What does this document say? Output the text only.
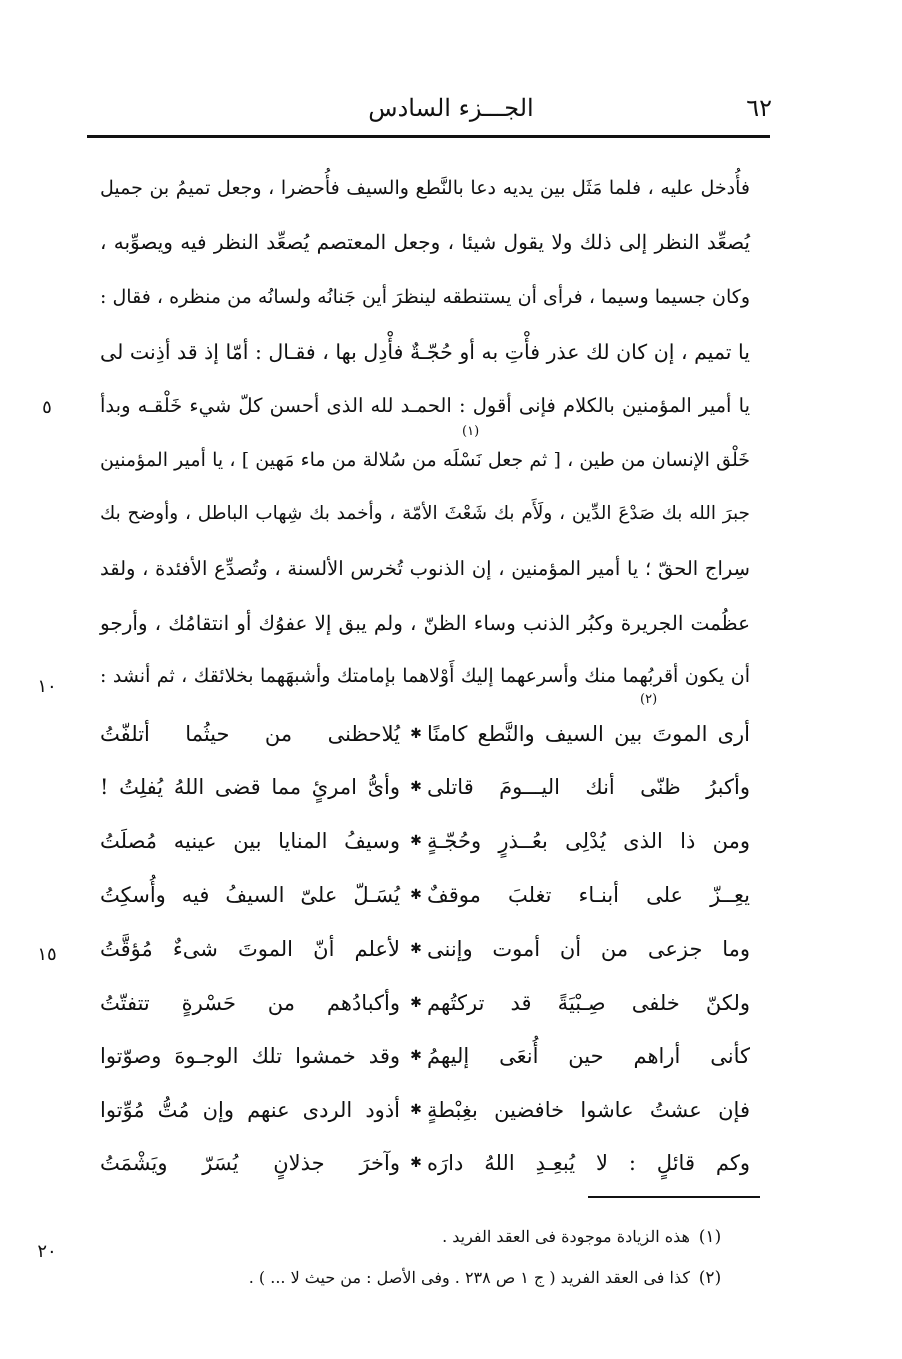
الجـــزء السادس	٦٢
فأُدخل عليه ، فلما مَثَل بين يديه دعا بالنَّطع والسيف فأُحضرا ، وجعل تميمُ بن جميل
يُصعِّد النظر إلى ذلك ولا يقول شيئا ، وجعل المعتصم يُصعِّد النظر فيه ويصوِّبه ،
وكان جسيما وسيما ، فرأى أن يستنطقه لينظرَ أين جَنانُه ولسانُه من منظره ، فقال :
يا تميم ، إن كان لك عذر فأْتِ به أو حُجّـةٌ فأْدِل بها ، فقـال : أمّا إذ قد أذِنت لى
يا أمير المؤمنين بالكلام فإنى أقول : الحمـد لله الذى أحسن كلّ شيء خَلْقـه وبدأ
(١)
خَلْق الإنسان من طين ، [ ثم جعل نَسْلَه من سُلالة من ماء مَهين ] ، يا أمير المؤمنين
جبرَ الله بك صَدْعَ الدِّين ، ولَأَم بك شَعْثَ الأمّة ، وأخمد بك شِهاب الباطل ، وأوضح بك
سِراج الحقّ ؛ يا أمير المؤمنين ، إن الذنوب تُخرس الألسنة ، وتُصدِّع الأفئدة ، ولقد
عظُمت الجريرة وكبُر الذنب وساء الظنّ ، ولم يبق إلا عفوُك أو انتقامُك ، وأرجو
أن يكون أقربُهما منك وأسرعهما إليك أَوْلاهما بإمامتك وأشبهَهما بخلائقك ، ثم أنشد :
(٢)
أرى الموتَ بين السيف والنَّطع كامنًا
✱
يُلاحظنى من حيثُما أتلفّتُ
وأكبرُ ظنّى أنك اليـــومَ قاتلى
✱
وأىُّ امرئٍ مما قضى اللهُ يُفلِتُ !
ومن ذا الذى يُدْلِى بعُــذرٍ وحُجّـةٍ
✱
وسيفُ المنايا بين عينيه مُصلَتُ
يعِــزّ على أبنـاء تغلبَ موقفٌ
✱
يُسَـلّ علىّ السيفُ فيه وأُسكِتُ
وما جزعى من أن أموت وإننى
✱
لأعلم أنّ الموتَ شىءٌ مُؤقَّتُ
ولكنّ خلفى صِـبْيَةً قد تركتُهم
✱
وأكبادُهم من حَسْرةٍ تتفتّتُ
كأنى أراهم حين أُنعَى إليهمُ
✱
وقد خمشوا تلك الوجـوهَ وصوّتوا
فإن عشتُ عاشوا خافضين بغِبْطةٍ
✱
أذود الردى عنهم وإن مُتُّ مُوِّتوا
وكم قائلٍ : لا يُبعِـدِ اللهُ دارَه
✱
وآخرَ جذلانٍ يُسَرّ ويَشْمَتُ
٥
١٠
١٥
٢٠
(١)
هذه الزيادة موجودة فى العقد الفريد .
(٢)
كذا فى العقد الفريد ( ج ١ ص ٢٣٨ . وفى الأصل : من حيث لا ... ) .
